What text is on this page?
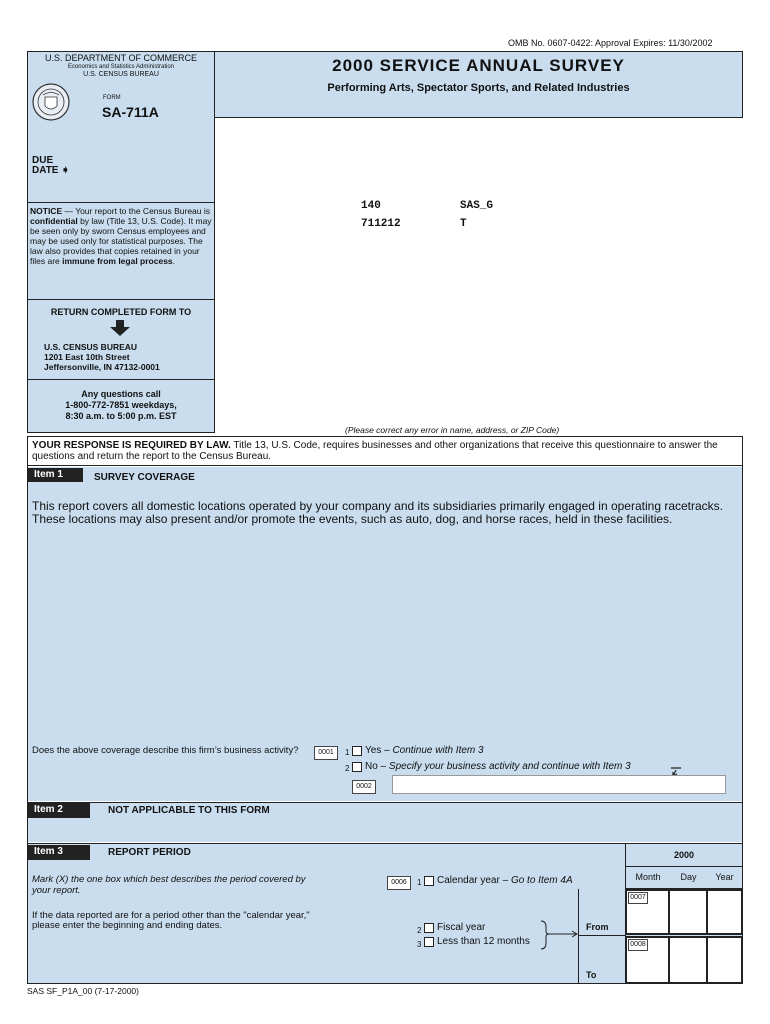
OMB No. 0607-0422: Approval Expires: 11/30/2002
U.S. DEPARTMENT OF COMMERCE
Economics and Statistics Administration
U.S. CENSUS BUREAU
FORM
SA-711A
DUE DATE ➧
2000 SERVICE ANNUAL SURVEY
Performing Arts, Spectator Sports, and Related Industries
NOTICE — Your report to the Census Bureau is confidential by law (Title 13, U.S. Code). It may be seen only by sworn Census employees and may be used only for statistical purposes. The law also provides that copies retained in your files are immune from legal process.
RETURN COMPLETED FORM TO
U.S. CENSUS BUREAU
1201 East 10th Street
Jeffersonville, IN 47132-0001
Any questions call
1-800-772-7851 weekdays,
8:30 a.m. to 5:00 p.m. EST
140	SAS_G
711212	T
(Please correct any error in name, address, or ZIP Code)
YOUR RESPONSE IS REQUIRED BY LAW. Title 13, U.S. Code, requires businesses and other organizations that receive this questionnaire to answer the questions and return the report to the Census Bureau.
Item 1	SURVEY COVERAGE
This report covers all domestic locations operated by your company and its subsidiaries primarily engaged in operating racetracks. These locations may also present and/or promote the events, such as auto, dog, and horse races, held in these facilities.
Does the above coverage describe this firm’s business activity?	0001	1 Yes – Continue with Item 3
2 No – Specify your business activity and continue with Item 3
0002
Item 2	NOT APPLICABLE TO THIS FORM
Item 3	REPORT PERIOD
Mark (X) the one box which best describes the period covered by your report.
If the data reported are for a period other than the "calendar year," please enter the beginning and ending dates.
0006	1 Calendar year – Go to Item 4A
2 Fiscal year
3 Less than 12 months
From
To
2000
Month	Day	Year
0007
0008
SAS SF_P1A_00 (7-17-2000)
